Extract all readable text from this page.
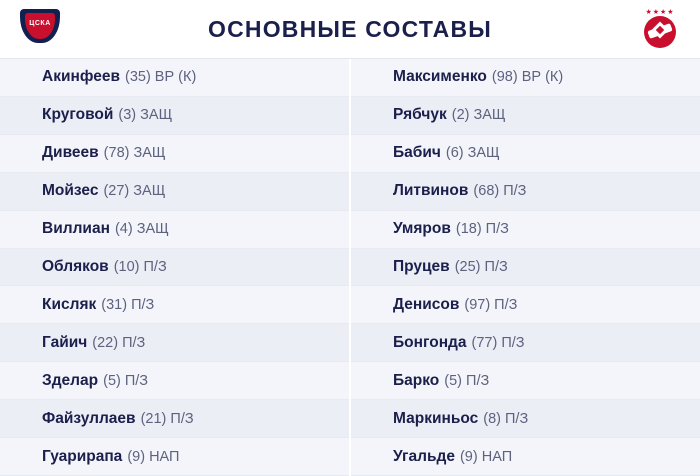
ЦСКА	ОСНОВНЫЕ СОСТАВЫ
★★★★
Акинфеев (35) ВР (К)
Круговой (3) ЗАЩ
Дивеев (78) ЗАЩ
Мойзес (27) ЗАЩ
Виллиан (4) ЗАЩ
Обляков (10) П/З
Кисляк (31) П/З
Гайич (22) П/З
Зделар (5) П/З
Файзуллаев (21) П/З
Гуарирапа (9) НАП
Максименко (98) ВР (К)
Рябчук (2) ЗАЩ
Бабич (6) ЗАЩ
Литвинов (68) П/З
Умяров (18) П/З
Пруцев (25) П/З
Денисов (97) П/З
Бонгонда (77) П/З
Барко (5) П/З
Маркиньос (8) П/З
Угальде (9) НАП
